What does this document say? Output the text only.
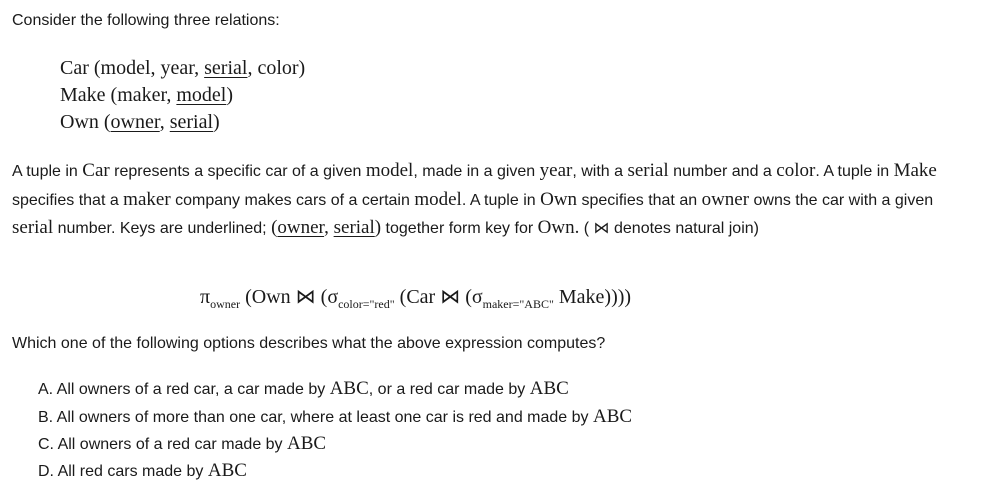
Consider the following three relations:
Car (model, year, serial, color)
Make (maker, model)
Own (owner, serial)
A tuple in Car represents a specific car of a given model, made in a given year, with a serial number and a color. A tuple in Make specifies that a maker company makes cars of a certain model. A tuple in Own specifies that an owner owns the car with a given serial number. Keys are underlined; (owner, serial) together form key for Own. ( ⋈ denotes natural join)
$\pi_{owner}$ (Own ⋈ ($\sigma_{color="red"}$ (Car ⋈ ($\sigma_{maker="ABC"}$ Make))))
Which one of the following options describes what the above expression computes?
A. All owners of a red car, a car made by ABC, or a red car made by ABC
B. All owners of more than one car, where at least one car is red and made by ABC
C. All owners of a red car made by ABC
D. All red cars made by ABC
